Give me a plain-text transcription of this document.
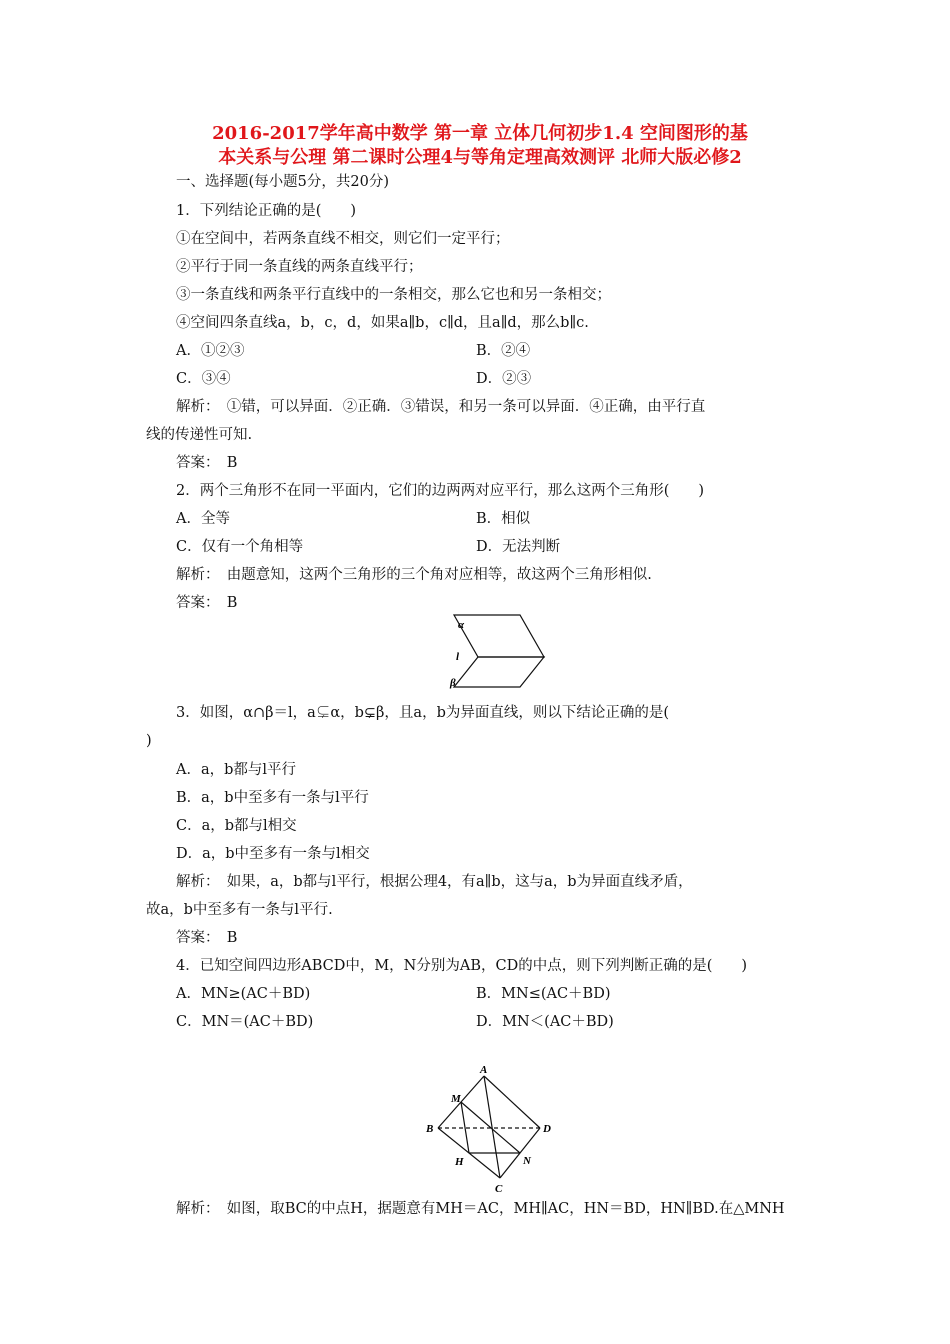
2016-2017学年高中数学 第一章 立体几何初步1.4 空间图形的基
本关系与公理 第二课时公理4与等角定理高效测评 北师大版必修2
一、选择题(每小题5分，共20分)
1．下列结论正确的是(　　)
①在空间中，若两条直线不相交，则它们一定平行；
②平行于同一条直线的两条直线平行；
③一条直线和两条平行直线中的一条相交，那么它也和另一条相交；
④空间四条直线a，b，c，d，如果a∥b，c∥d，且a∥d，那么b∥c.
A．①②③	B．②④
C．③④	D．②③
解析：　①错，可以异面．②正确．③错误，和另一条可以异面．④正确，由平行直
线的传递性可知.
答案：　B
2．两个三角形不在同一平面内，它们的边两两对应平行，那么这两个三角形(　　)
A．全等	B．相似
C．仅有一个角相等	D．无法判断
解析：　由题意知，这两个三角形的三个角对应相等，故这两个三角形相似.
答案：　B
α
l
β
3．如图，α∩β＝l，a⊊α，b⊊β，且a，b为异面直线，则以下结论正确的是(
)
A．a，b都与l平行
B．a，b中至多有一条与l平行
C．a，b都与l相交
D．a，b中至多有一条与l相交
解析：　如果，a，b都与l平行，根据公理4，有a∥b，这与a，b为异面直线矛盾，
故a，b中至多有一条与l平行.
答案：　B
4．已知空间四边形ABCD中，M，N分别为AB，CD的中点，则下列判断正确的是(　　)
A．MN≥(AC＋BD)	B．MN≤(AC＋BD)
C．MN＝(AC＋BD)	D．MN＜(AC＋BD)
A
M
B	D
H	N
C
解析：　如图，取BC的中点H，据题意有MH＝AC，MH∥AC，HN＝BD，HN∥BD.在△MNH
